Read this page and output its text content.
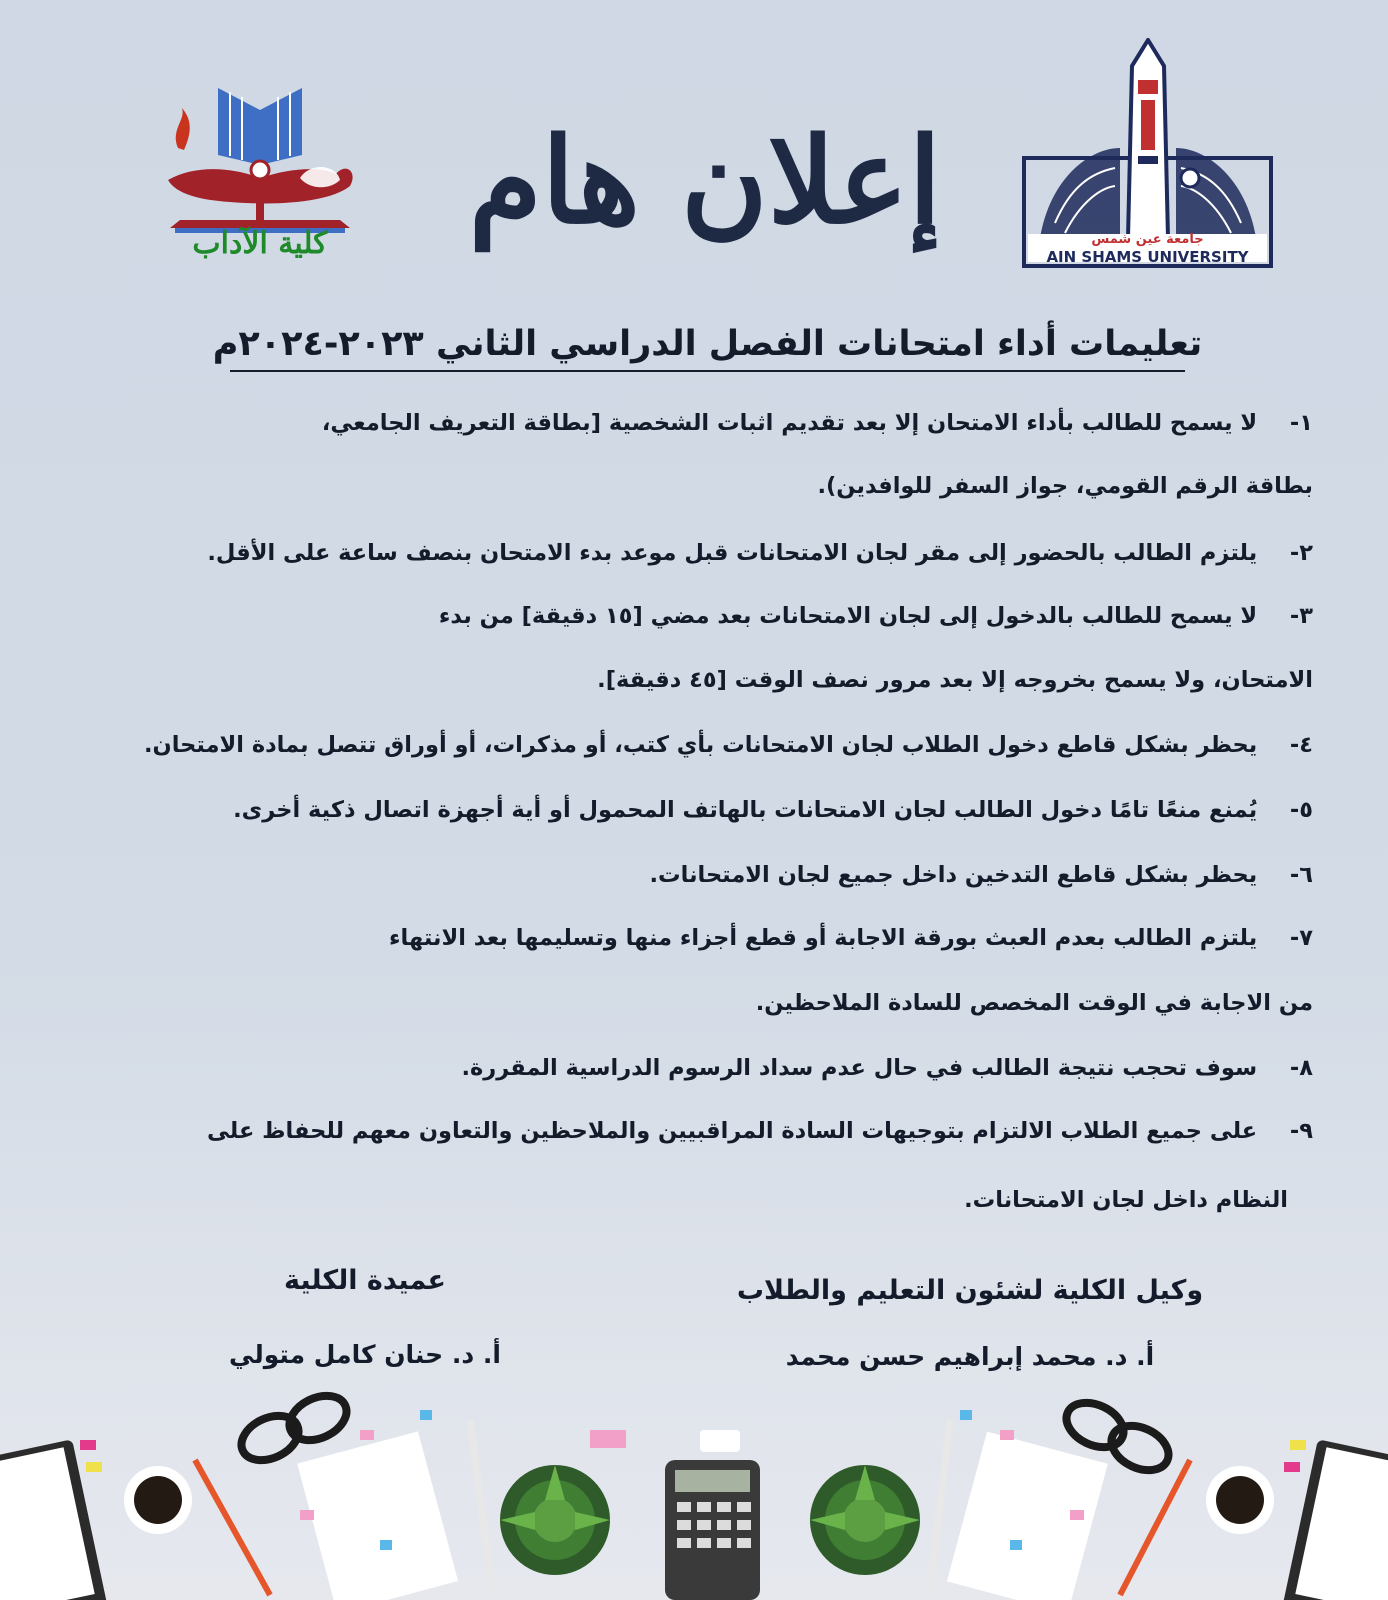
كلية الآداب إعلان هام	جامعة عين شمس
AIN SHAMS UNIVERSITY
تعليمات أداء امتحانات الفصل الدراسي الثاني ٢٠٢٣-٢٠٢٤م
١- لا يسمح للطالب بأداء الامتحان إلا بعد تقديم اثبات الشخصية [بطاقة التعريف الجامعي،
بطاقة الرقم القومي، جواز السفر للوافدين).
٢- يلتزم الطالب بالحضور إلى مقر لجان الامتحانات قبل موعد بدء الامتحان بنصف ساعة على الأقل.
٣- لا يسمح للطالب بالدخول إلى لجان الامتحانات بعد مضي [١٥ دقيقة] من بدء
الامتحان، ولا يسمح بخروجه إلا بعد مرور نصف الوقت [٤٥ دقيقة].
٤- يحظر بشكل قاطع دخول الطلاب لجان الامتحانات بأي كتب، أو مذكرات، أو أوراق تتصل بمادة الامتحان.
٥- يُمنع منعًا تامًا دخول الطالب لجان الامتحانات بالهاتف المحمول أو أية أجهزة اتصال ذكية أخرى.
٦- يحظر بشكل قاطع التدخين داخل جميع لجان الامتحانات.
٧- يلتزم الطالب بعدم العبث بورقة الاجابة أو قطع أجزاء منها وتسليمها بعد الانتهاء
من الاجابة في الوقت المخصص للسادة الملاحظين.
٨- سوف تحجب نتيجة الطالب في حال عدم سداد الرسوم الدراسية المقررة.
٩- على جميع الطلاب الالتزام بتوجيهات السادة المراقبيين والملاحظين والتعاون معهم للحفاظ على
النظام داخل لجان الامتحانات.
وكيل الكلية لشئون التعليم والطلاب
أ. د. محمد إبراهيم حسن محمد
عميدة الكلية
أ. د. حنان كامل متولي
